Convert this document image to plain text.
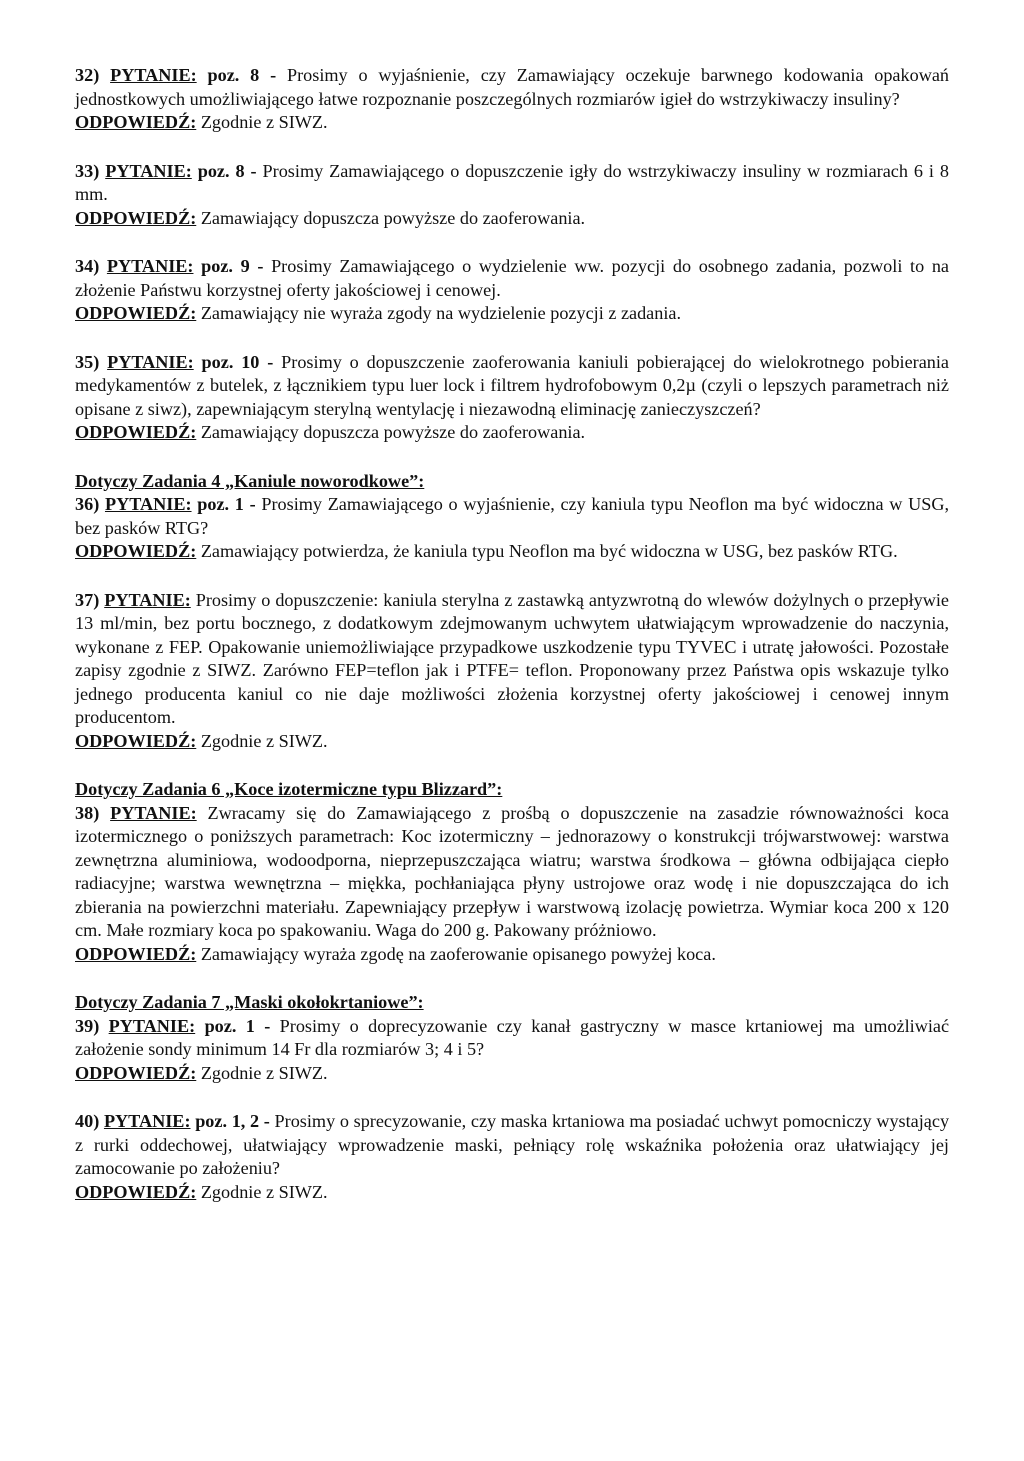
32) PYTANIE: poz. 8 - Prosimy o wyjaśnienie, czy Zamawiający oczekuje barwnego kodowania opakowań jednostkowych umożliwiającego łatwe rozpoznanie poszczególnych rozmiarów igieł do wstrzykiwaczy insuliny?

ODPOWIEDŹ: Zgodnie z SIWZ.

33) PYTANIE: poz. 8 - Prosimy Zamawiającego o dopuszczenie igły do wstrzykiwaczy insuliny w rozmiarach 6 i 8 mm.

ODPOWIEDŹ: Zamawiający dopuszcza powyższe do zaoferowania.

34) PYTANIE: poz. 9 - Prosimy Zamawiającego o wydzielenie ww. pozycji do osobnego zadania, pozwoli to na złożenie Państwu korzystnej oferty jakościowej i cenowej.

ODPOWIEDŹ: Zamawiający nie wyraża zgody na wydzielenie pozycji z zadania.

35) PYTANIE: poz. 10 - Prosimy o dopuszczenie zaoferowania kaniuli pobierającej do wielokrotnego pobierania medykamentów z butelek, z łącznikiem typu luer lock i filtrem hydrofobowym 0,2µ (czyli o lepszych parametrach niż opisane z siwz), zapewniającym sterylną wentylację i niezawodną eliminację zanieczyszczeń?

ODPOWIEDŹ: Zamawiający dopuszcza powyższe do zaoferowania.

Dotyczy Zadania 4 „Kaniule noworodkowe”:

36) PYTANIE: poz. 1 - Prosimy Zamawiającego o wyjaśnienie, czy kaniula typu Neoflon ma być widoczna w USG, bez pasków RTG?

ODPOWIEDŹ: Zamawiający potwierdza, że kaniula typu Neoflon ma być widoczna w USG, bez pasków RTG.

37) PYTANIE: Prosimy o dopuszczenie: kaniula sterylna z zastawką antyzwrotną do wlewów dożylnych o przepływie 13 ml/min, bez portu bocznego, z dodatkowym zdejmowanym uchwytem ułatwiającym wprowadzenie do naczynia, wykonane z FEP. Opakowanie uniemożliwiające przypadkowe uszkodzenie typu TYVEC i utratę jałowości. Pozostałe zapisy zgodnie z SIWZ. Zarówno FEP=teflon jak i PTFE= teflon. Proponowany przez Państwa opis wskazuje tylko jednego producenta kaniul co nie daje możliwości złożenia korzystnej oferty jakościowej i cenowej innym producentom.

ODPOWIEDŹ: Zgodnie z SIWZ.

Dotyczy Zadania 6 „Koce izotermiczne typu Blizzard”:

38) PYTANIE: Zwracamy się do Zamawiającego z prośbą o dopuszczenie na zasadzie równoważności koca izotermicznego o poniższych parametrach: Koc izotermiczny – jednorazowy o konstrukcji trójwarstwowej: warstwa zewnętrzna aluminiowa, wodoodporna, nieprzepuszczająca wiatru; warstwa środkowa – główna odbijająca ciepło radiacyjne; warstwa wewnętrzna – miękka, pochłaniająca płyny ustrojowe oraz wodę i nie dopuszczająca do ich zbierania na powierzchni materiału. Zapewniający przepływ i warstwową izolację powietrza. Wymiar koca 200 x 120 cm. Małe rozmiary koca po spakowaniu. Waga do 200 g. Pakowany próżniowo.

ODPOWIEDŹ: Zamawiający wyraża zgodę na zaoferowanie opisanego powyżej koca.

Dotyczy Zadania 7 „Maski okołokrtaniowe”:

39) PYTANIE: poz. 1 - Prosimy o doprecyzowanie czy kanał gastryczny w masce krtaniowej ma umożliwiać założenie sondy minimum 14 Fr dla rozmiarów 3; 4 i 5?

ODPOWIEDŹ: Zgodnie z SIWZ.

40) PYTANIE: poz. 1, 2 - Prosimy o sprecyzowanie, czy maska krtaniowa ma posiadać uchwyt pomocniczy wystający z rurki oddechowej, ułatwiający wprowadzenie maski, pełniący rolę wskaźnika położenia oraz ułatwiający jej zamocowanie po założeniu?

ODPOWIEDŹ: Zgodnie z SIWZ.
